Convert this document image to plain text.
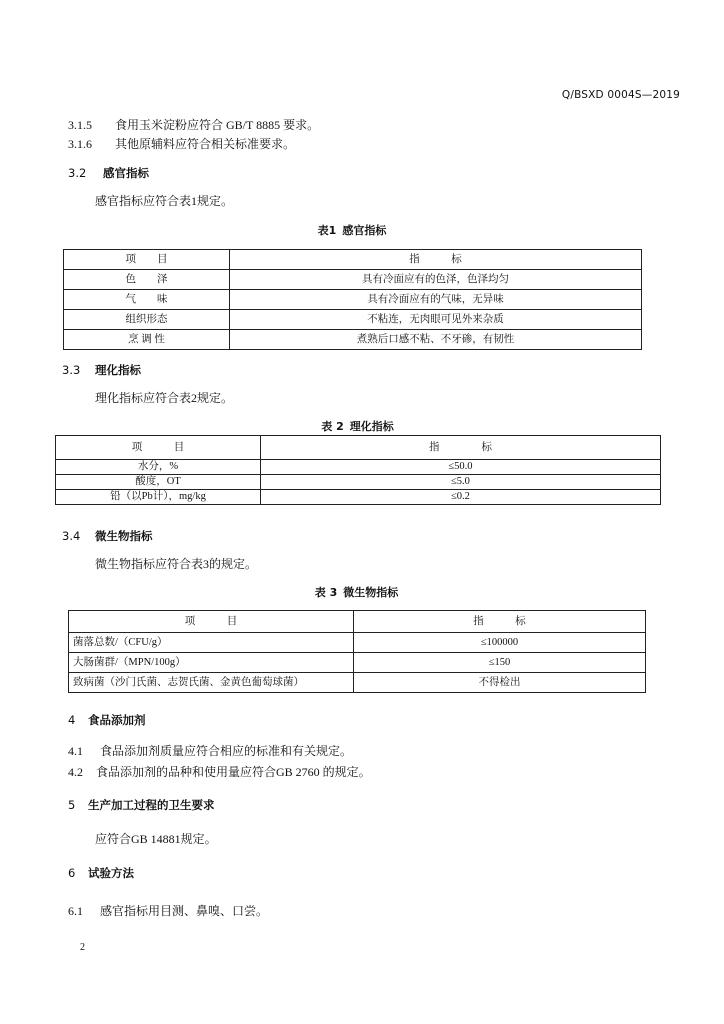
Q/BSXD 0004S—2019
3.1.5 食用玉米淀粉应符合 GB/T 8885 要求。
3.1.6 其他原辅料应符合相关标准要求。
3.2 感官指标
感官指标应符合表1规定。
表1 感官指标
项　　目	指　　　标
色　　泽	具有冷面应有的色泽，色泽均匀
气　　味	具有冷面应有的气味，无异味
组织形态	不粘连，无肉眼可见外来杂质
烹 调 性	煮熟后口感不粘、不牙碜，有韧性
3.3 理化指标
理化指标应符合表2规定。
表 2 理化指标
项　　　目	指　　　　标
水分，%	≤50.0
酸度，OT	≤5.0
铅（以Pb计），mg/kg	≤0.2
3.4 微生物指标
微生物指标应符合表3的规定。
表 3 微生物指标
项　　　目	指　　　标
菌落总数/（CFU/g）	≤100000
大肠菌群/（MPN/100g）	≤150
致病菌（沙门氏菌、志贺氏菌、金黄色葡萄球菌）	不得检出
4 食品添加剂
4.1 食品添加剂质量应符合相应的标准和有关规定。
4.2 食品添加剂的品种和使用量应符合GB 2760 的规定。
5 生产加工过程的卫生要求
应符合GB 14881规定。
6 试验方法
6.1 感官指标用目测、鼻嗅、口尝。
2
